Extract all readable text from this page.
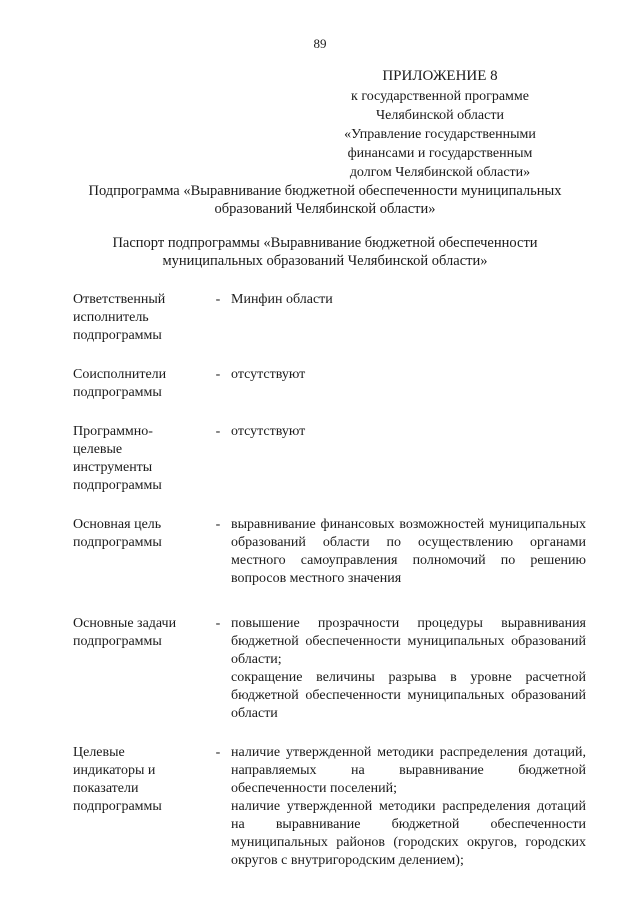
89
ПРИЛОЖЕНИЕ 8
к государственной программе
Челябинской области
«Управление государственными
финансами и государственным
долгом Челябинской области»
Подпрограмма «Выравнивание бюджетной обеспеченности муниципальных
образований Челябинской области»
Паспорт подпрограммы «Выравнивание бюджетной обеспеченности
муниципальных образований Челябинской области»
Ответственный
исполнитель
подпрограммы
- Минфин области
Соисполнители
подпрограммы
- отсутствуют
Программно-
целевые
инструменты
подпрограммы
- отсутствуют
Основная цель
подпрограммы
- выравнивание финансовых возможностей муниципальных образований области по осуществлению органами местного самоуправления полномочий по решению вопросов местного значения
Основные задачи
подпрограммы
- повышение прозрачности процедуры выравнивания бюджетной обеспеченности муниципальных образований области;
сокращение величины разрыва в уровне расчетной бюджетной обеспеченности муниципальных образований области
Целевые
индикаторы и
показатели
подпрограммы
- наличие утвержденной методики распределения дотаций, направляемых на выравнивание бюджетной обеспеченности поселений;
наличие утвержденной методики распределения дотаций на выравнивание бюджетной обеспеченности муниципальных районов (городских округов, городских округов с внутригородским делением);
